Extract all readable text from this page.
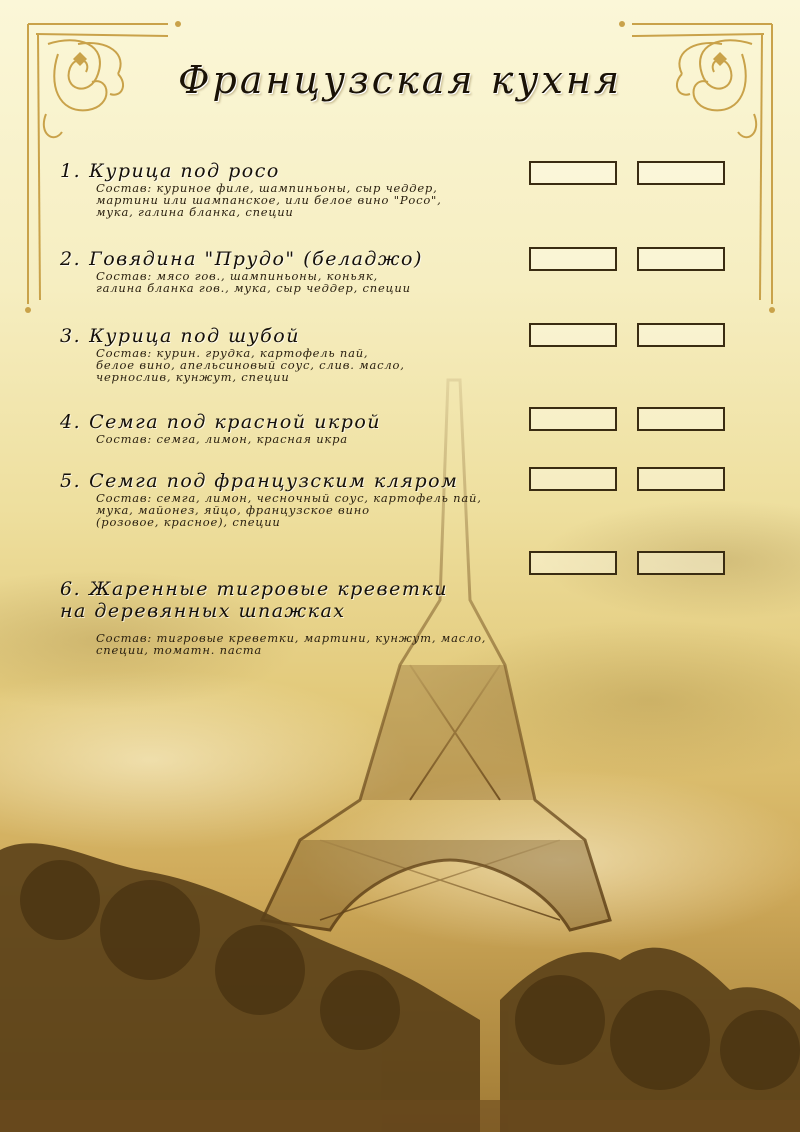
Французская кухня
1. Курица под росо
Состав: куриное филе, шампиньоны, сыр чеддер,
мартини или шампанское, или белое вино "Росо",
мука, галина бланка, специи
2. Говядина "Прудо" (беладжо)
Состав: мясо гов., шампиньоны, коньяк,
галина бланка гов., мука, сыр чеддер, специи
3. Курица под шубой
Состав: курин. грудка, картофель пай,
белое вино, апельсиновый соус, слив. масло,
чернослив, кунжут, специи
4. Семга под красной икрой
Состав: семга, лимон, красная икра
5. Семга под французским кляром
Состав: семга, лимон, чесночный соус, картофель пай,
мука, майонез, яйцо, французское вино
(розовое, красное), специи

6. Жаренные тигровые креветки
на деревянных шпажках

Состав: тигровые креветки, мартини, кунжут, масло,
специи, томатн. паста
